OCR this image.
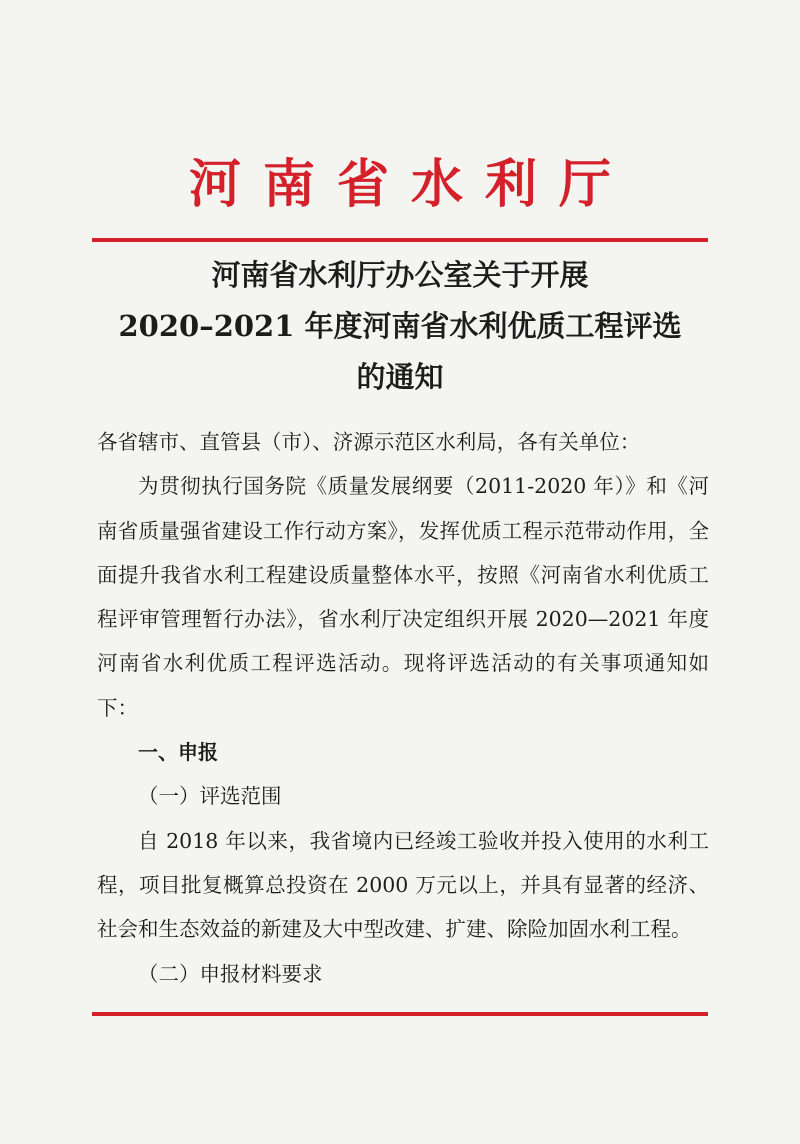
河南省水利厅
河南省水利厅办公室关于开展
2020–2021 年度河南省水利优质工程评选
的通知

各省辖市、直管县（市）、济源示范区水利局，各有关单位：

为贯彻执行国务院《质量发展纲要（2011-2020 年）》和《河南省质量强省建设工作行动方案》，发挥优质工程示范带动作用，全面提升我省水利工程建设质量整体水平，按照《河南省水利优质工程评审管理暂行办法》，省水利厅决定组织开展 2020—2021 年度河南省水利优质工程评选活动。现将评选活动的有关事项通知如下：

一、申报

（一）评选范围

自 2018 年以来，我省境内已经竣工验收并投入使用的水利工程，项目批复概算总投资在 2000 万元以上，并具有显著的经济、社会和生态效益的新建及大中型改建、扩建、除险加固水利工程。

（二）申报材料要求
